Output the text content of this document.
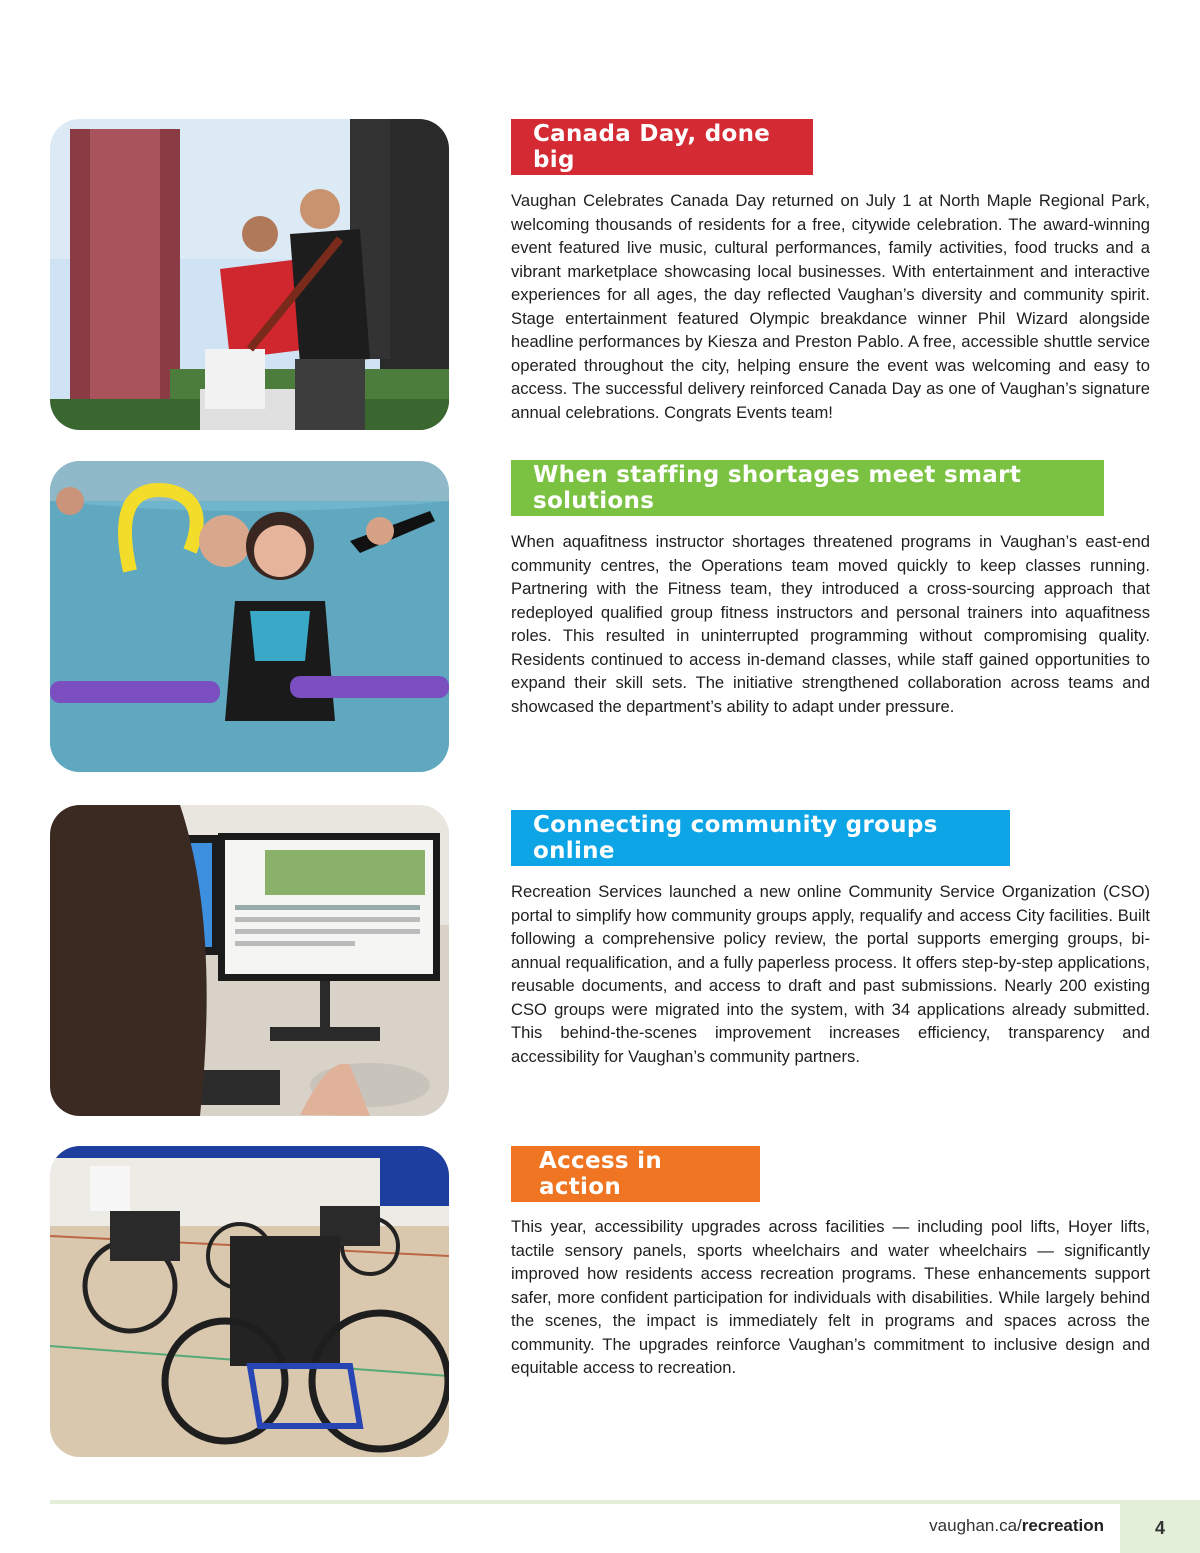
Canada Day, done big

Vaughan Celebrates Canada Day returned on July 1 at North Maple Regional Park, welcoming thousands of residents for a free, citywide celebration. The award-winning event featured live music, cultural performances, family activities, food trucks and a vibrant marketplace showcasing local businesses. With entertainment and interactive experiences for all ages, the day reflected Vaughan’s diversity and community spirit. Stage entertainment featured Olympic breakdance winner Phil Wizard alongside headline performances by Kiesza and Preston Pablo. A free, accessible shuttle service operated throughout the city, helping ensure the event was welcoming and easy to access. The successful delivery reinforced Canada Day as one of Vaughan’s signature annual celebrations. Congrats Events team!

When staffing shortages meet smart solutions

When aquafitness instructor shortages threatened programs in Vaughan’s east-end community centres, the Operations team moved quickly to keep classes running. Partnering with the Fitness team, they introduced a cross-sourcing approach that redeployed qualified group fitness instructors and personal trainers into aquafitness roles. This resulted in uninterrupted programming without compromising quality. Residents continued to access in-demand classes, while staff gained opportunities to expand their skill sets. The initiative strengthened collaboration across teams and showcased the department’s ability to adapt under pressure.

Connecting community groups online

Recreation Services launched a new online Community Service Organization (CSO) portal to simplify how community groups apply, requalify and access City facilities. Built following a comprehensive policy review, the portal supports emerging groups, bi-annual requalification, and a fully paperless process. It offers step-by-step applications, reusable documents, and access to draft and past submissions. Nearly 200 existing CSO groups were migrated into the system, with 34 applications already submitted. This behind-the-scenes improvement increases efficiency, transparency and accessibility for Vaughan’s community partners.

Access in action

This year, accessibility upgrades across facilities — including pool lifts, Hoyer lifts, tactile sensory panels, sports wheelchairs and water wheelchairs — significantly improved how residents access recreation programs. These enhancements support safer, more confident participation for individuals with disabilities. While largely behind the scenes, the impact is immediately felt in programs and spaces across the community. The upgrades reinforce Vaughan’s commitment to inclusive design and equitable access to recreation.

vaughan.ca/recreation	4
